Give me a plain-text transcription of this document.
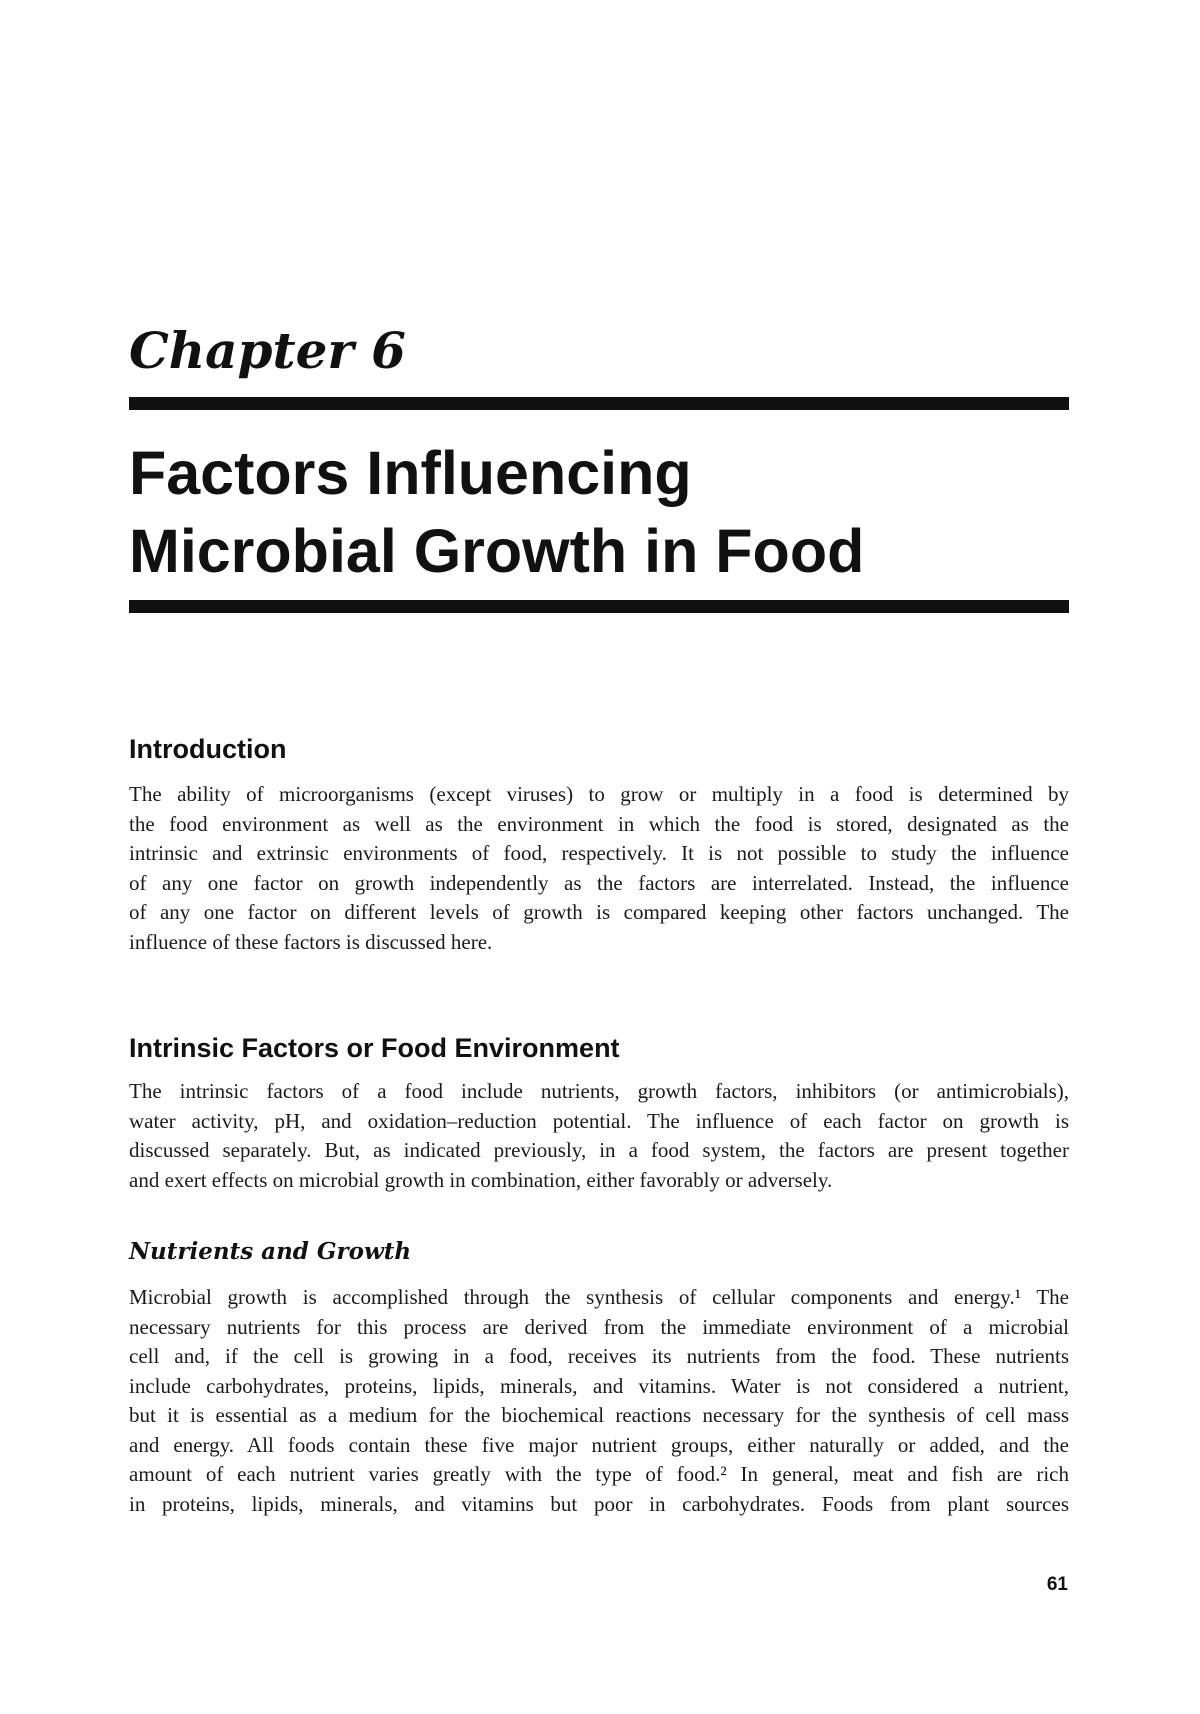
Chapter 6
Factors Influencing
Microbial Growth in Food
Introduction

The ability of microorganisms (except viruses) to grow or multiply in a food is determined by
the food environment as well as the environment in which the food is stored, designated as the
intrinsic and extrinsic environments of food, respectively. It is not possible to study the influence
of any one factor on growth independently as the factors are interrelated. Instead, the influence
of any one factor on different levels of growth is compared keeping other factors unchanged. The
influence of these factors is discussed here.

Intrinsic Factors or Food Environment

The intrinsic factors of a food include nutrients, growth factors, inhibitors (or antimicrobials),
water activity, pH, and oxidation–reduction potential. The influence of each factor on growth is
discussed separately. But, as indicated previously, in a food system, the factors are present together
and exert effects on microbial growth in combination, either favorably or adversely.

Nutrients and Growth

Microbial growth is accomplished through the synthesis of cellular components and energy.¹ The
necessary nutrients for this process are derived from the immediate environment of a microbial
cell and, if the cell is growing in a food, receives its nutrients from the food. These nutrients
include carbohydrates, proteins, lipids, minerals, and vitamins. Water is not considered a nutrient,
but it is essential as a medium for the biochemical reactions necessary for the synthesis of cell mass
and energy. All foods contain these five major nutrient groups, either naturally or added, and the
amount of each nutrient varies greatly with the type of food.² In general, meat and fish are rich
in proteins, lipids, minerals, and vitamins but poor in carbohydrates. Foods from plant sources

61
